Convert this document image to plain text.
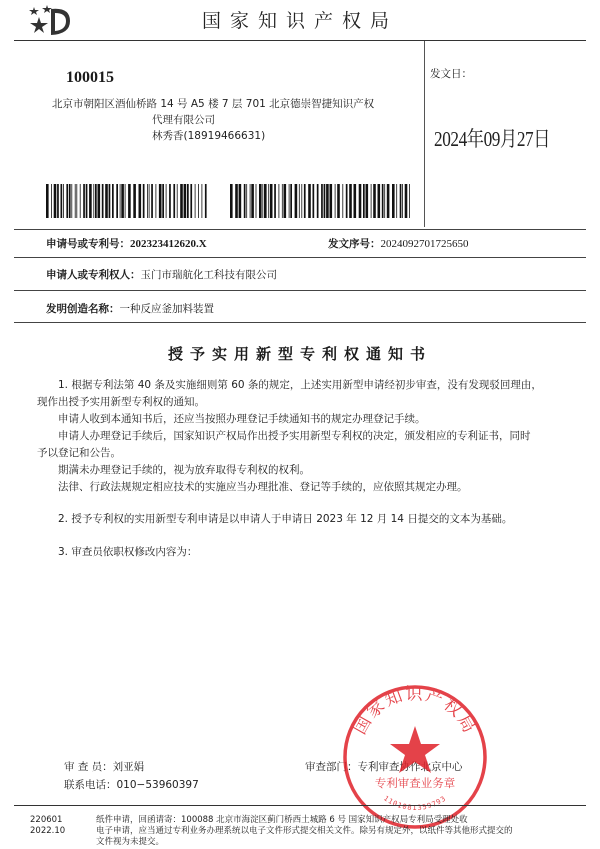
国家知识产权局
100015
北京市朝阳区酒仙桥路 14 号 A5 楼 7 层 701 北京德崇智捷知识产权
代理有限公司
林秀香(18919466631)
发文日：
2024年09月27日
申请号或专利号：202323412620.X	发文序号：2024092701725650
申请人或专利权人：玉门市瑞航化工科技有限公司
发明创造名称：一种反应釜加料装置
授予实用新型专利权通知书

1. 根据专利法第 40 条及实施细则第 60 条的规定，上述实用新型申请经初步审查，没有发现驳回理由，

现作出授予实用新型专利权的通知。

申请人收到本通知书后，还应当按照办理登记手续通知书的规定办理登记手续。

申请人办理登记手续后，国家知识产权局作出授予实用新型专利权的决定，颁发相应的专利证书，同时

予以登记和公告。

期满未办理登记手续的，视为放弃取得专利权的权利。

法律、行政法规规定相应技术的实施应当办理批准、登记等手续的，应依照其规定办理。

2. 授予专利权的实用新型专利申请是以申请人于申请日 2023 年 12 月 14 日提交的文本为基础。

3. 审查员依职权修改内容为：

审 查 员：刘亚娟
联系电话：010−53960397
审查部门：专利审查协作北京中心
国家知识产权局
专利审查业务章
1101081359793
220601
2022.10
纸件申请，回函请寄：100088 北京市海淀区蓟门桥西土城路 6 号 国家知识产权局专利局受理处收
电子申请，应当通过专利业务办理系统以电子文件形式提交相关文件。除另有规定外，以纸件等其他形式提交的
文件视为未提交。
